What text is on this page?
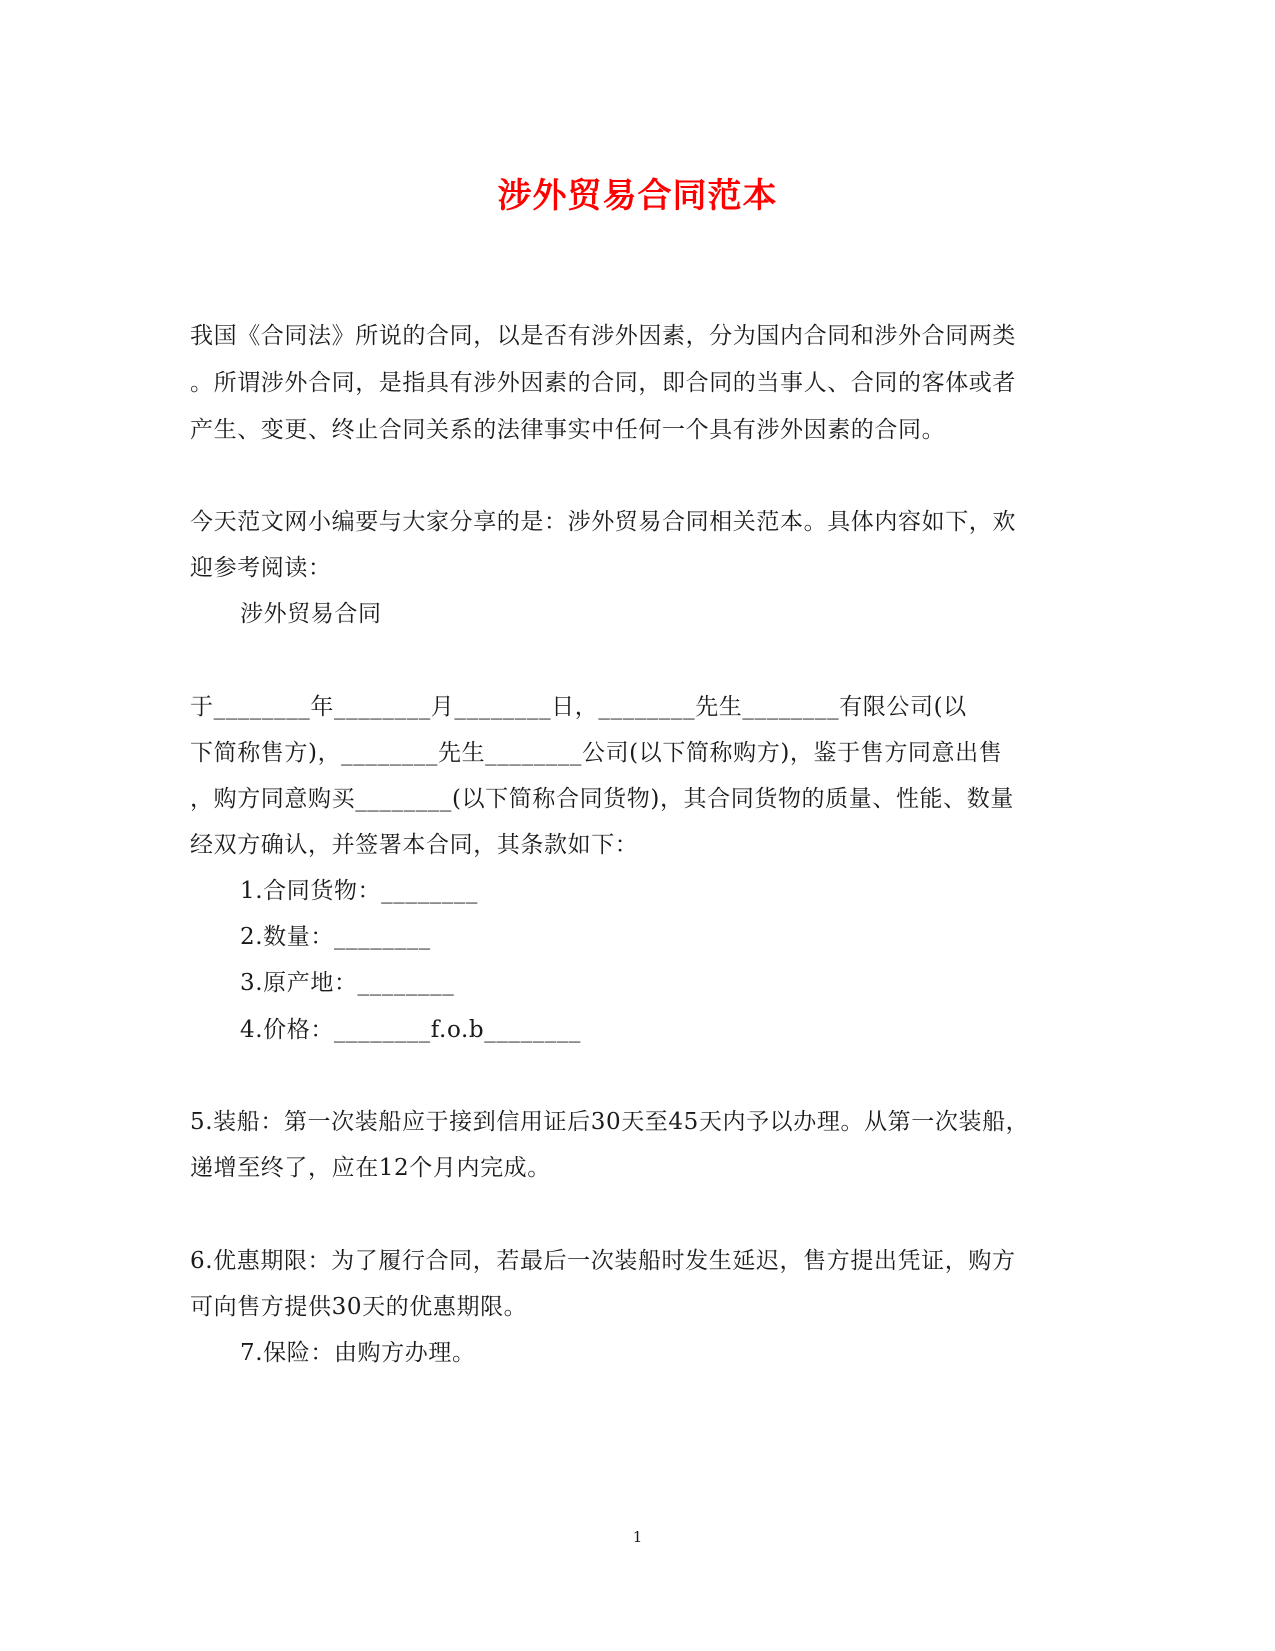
涉外贸易合同范本
我国《合同法》所说的合同，以是否有涉外因素，分为国内合同和涉外合同两类
。所谓涉外合同，是指具有涉外因素的合同，即合同的当事人、合同的客体或者
产生、变更、终止合同关系的法律事实中任何一个具有涉外因素的合同。
今天范文网小编要与大家分享的是：涉外贸易合同相关范本。具体内容如下，欢
迎参考阅读：
涉外贸易合同
于________年________月________日，________先生________有限公司(以
下简称售方)，________先生________公司(以下简称购方)，鉴于售方同意出售
，购方同意购买________(以下简称合同货物)，其合同货物的质量、性能、数量
经双方确认，并签署本合同，其条款如下：
1.合同货物：________
2.数量：________
3.原产地：________
4.价格：________f.o.b________
5.装船：第一次装船应于接到信用证后30天至45天内予以办理。从第一次装船，
递增至终了，应在12个月内完成。
6.优惠期限：为了履行合同，若最后一次装船时发生延迟，售方提出凭证，购方
可向售方提供30天的优惠期限。
7.保险：由购方办理。
1
